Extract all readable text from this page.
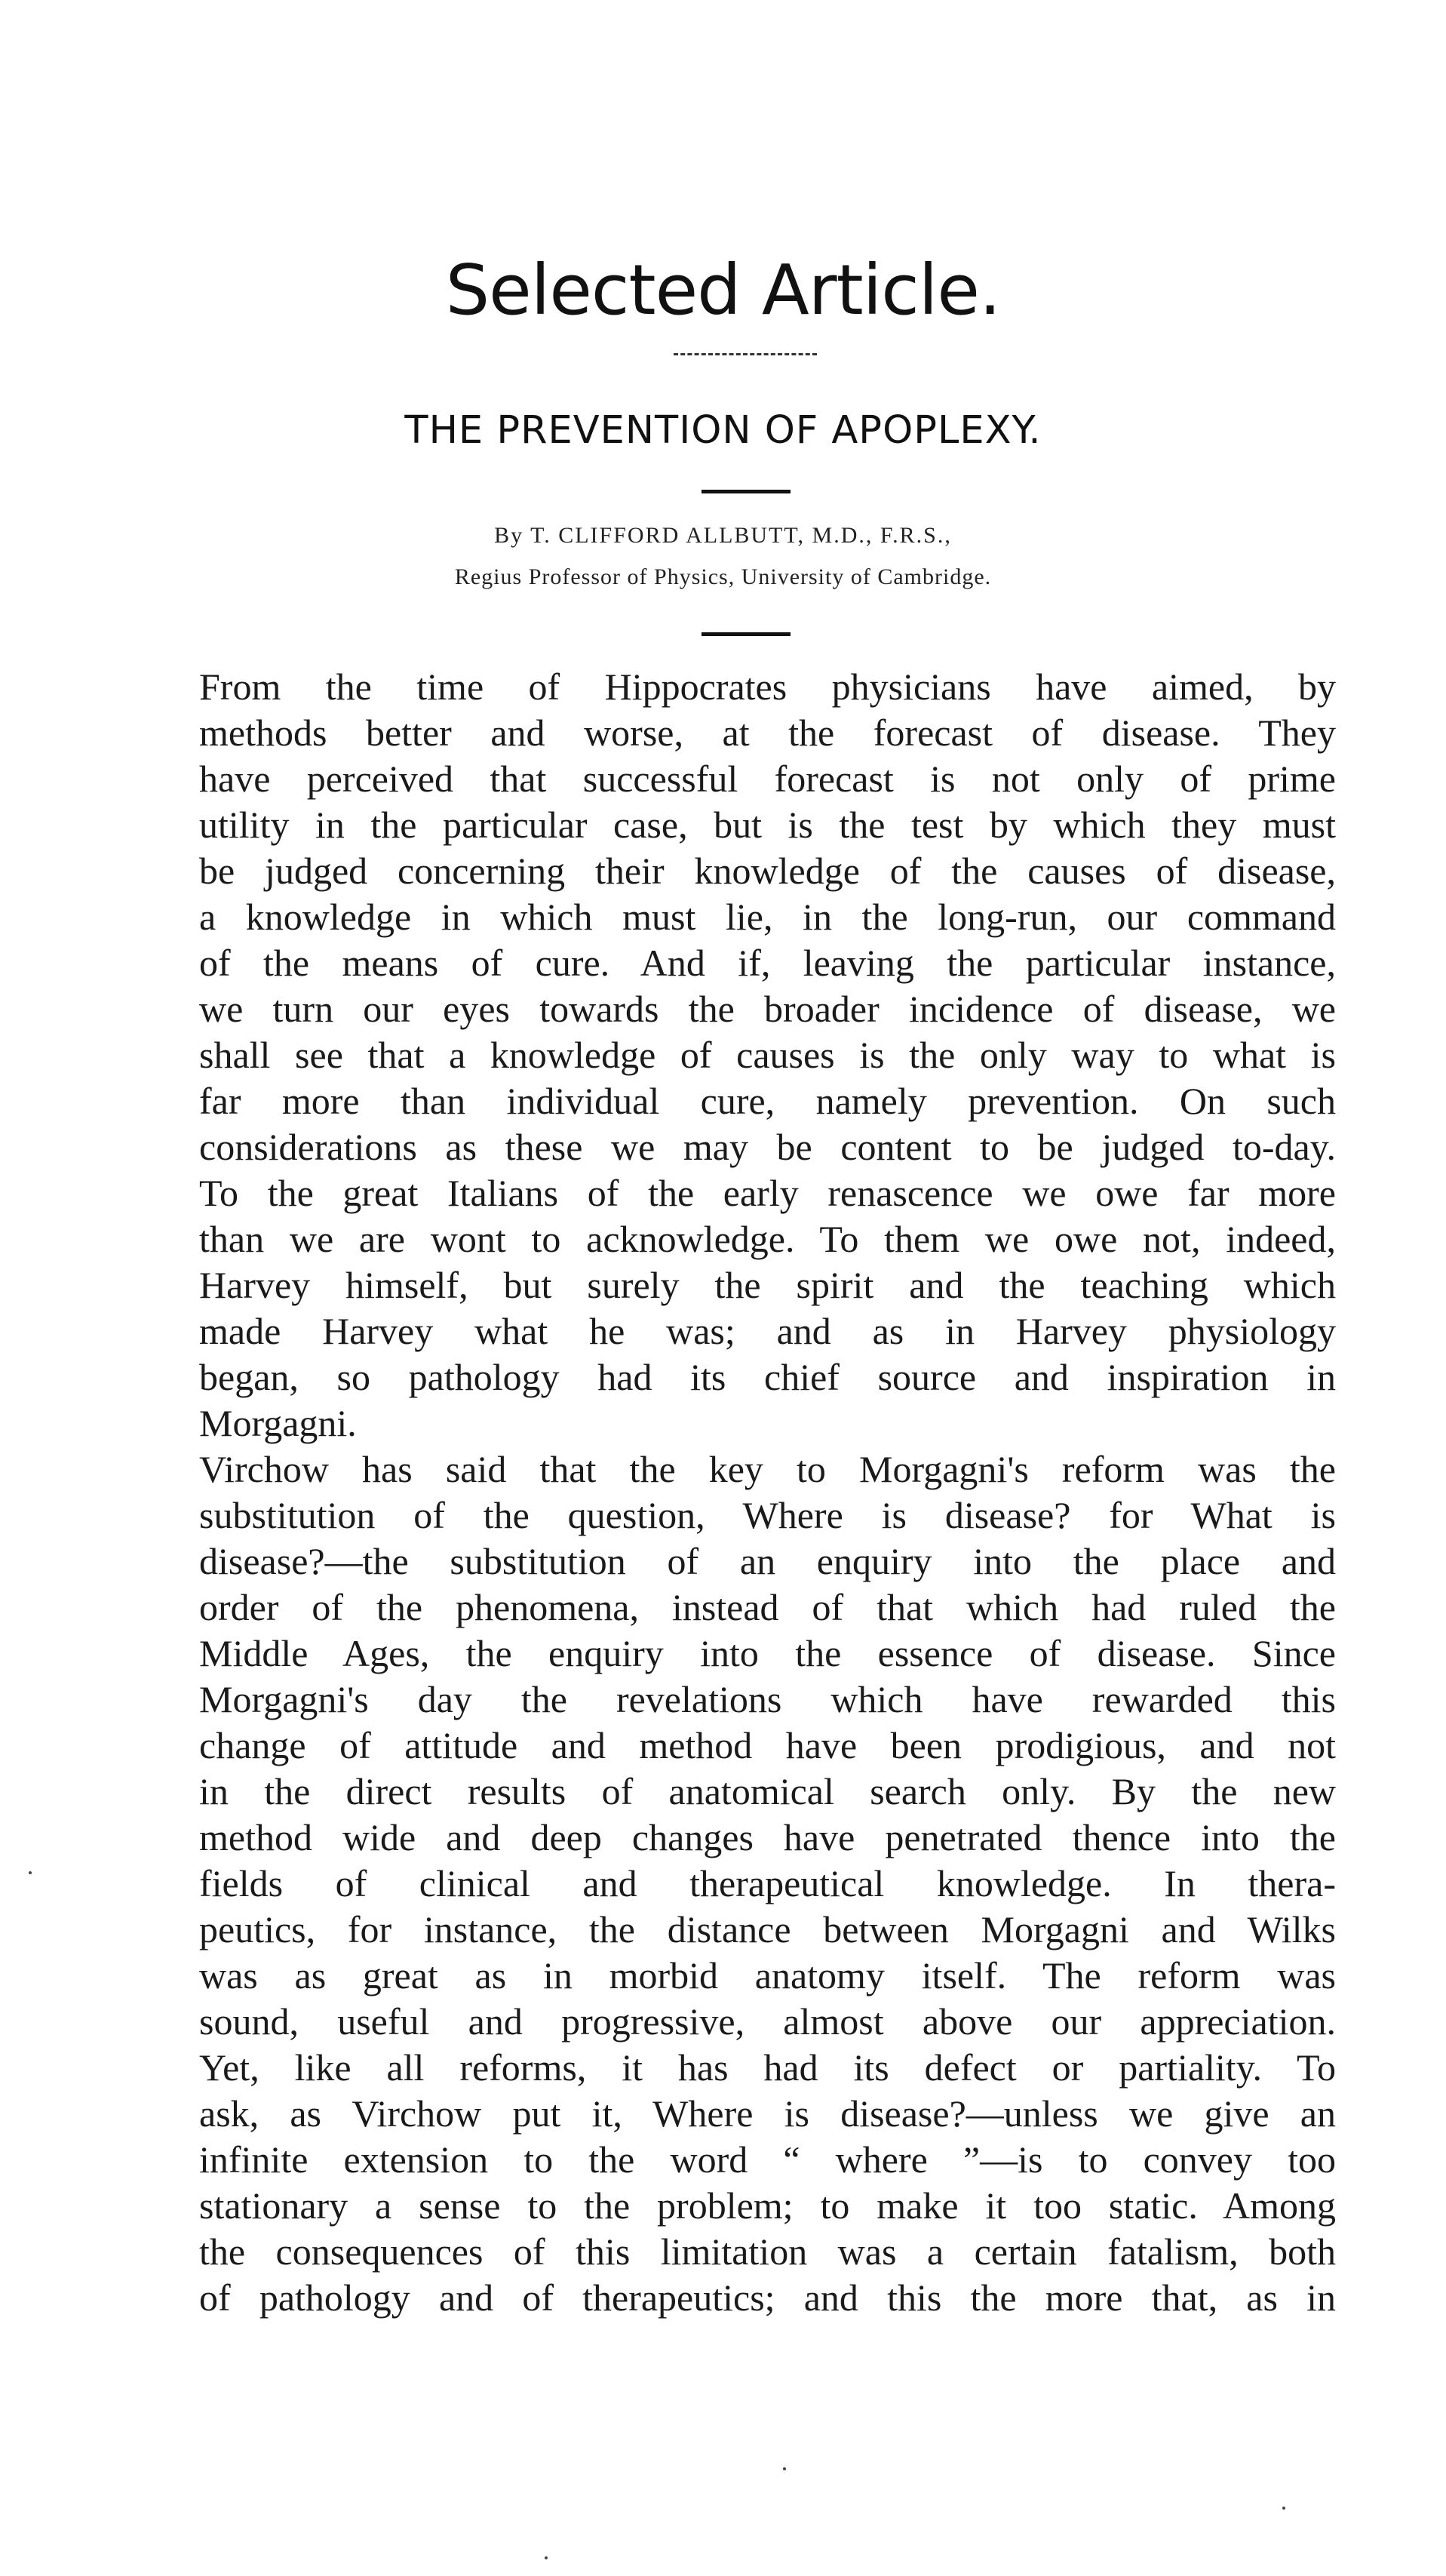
Selected Article.
THE PREVENTION OF APOPLEXY.
By T. CLIFFORD ALLBUTT, M.D., F.R.S.,
Regius Professor of Physics, University of Cambridge.

From the time of Hippocrates physicians have aimed, by
methods better and worse, at the forecast of disease. They
have perceived that successful forecast is not only of prime
utility in the particular case, but is the test by which they must
be judged concerning their knowledge of the causes of disease,
a knowledge in which must lie, in the long-run, our command
of the means of cure. And if, leaving the particular instance,
we turn our eyes towards the broader incidence of disease, we
shall see that a knowledge of causes is the only way to what is
far more than individual cure, namely prevention. On such
considerations as these we may be content to be judged to-day.
To the great Italians of the early renascence we owe far more
than we are wont to acknowledge. To them we owe not, indeed,
Harvey himself, but surely the spirit and the teaching which
made Harvey what he was; and as in Harvey physiology
began, so pathology had its chief source and inspiration in
Morgagni.

Virchow has said that the key to Morgagni's reform was the
substitution of the question, Where is disease? for What is
disease?—the substitution of an enquiry into the place and
order of the phenomena, instead of that which had ruled the
Middle Ages, the enquiry into the essence of disease. Since
Morgagni's day the revelations which have rewarded this
change of attitude and method have been prodigious, and not
in the direct results of anatomical search only. By the new
method wide and deep changes have penetrated thence into the
fields of clinical and therapeutical knowledge. In thera-
peutics, for instance, the distance between Morgagni and Wilks
was as great as in morbid anatomy itself. The reform was
sound, useful and progressive, almost above our appreciation.
Yet, like all reforms, it has had its defect or partiality. To
ask, as Virchow put it, Where is disease?—unless we give an
infinite extension to the word “ where ”—is to convey too
stationary a sense to the problem; to make it too static. Among
the consequences of this limitation was a certain fatalism, both
of pathology and of therapeutics; and this the more that, as in
